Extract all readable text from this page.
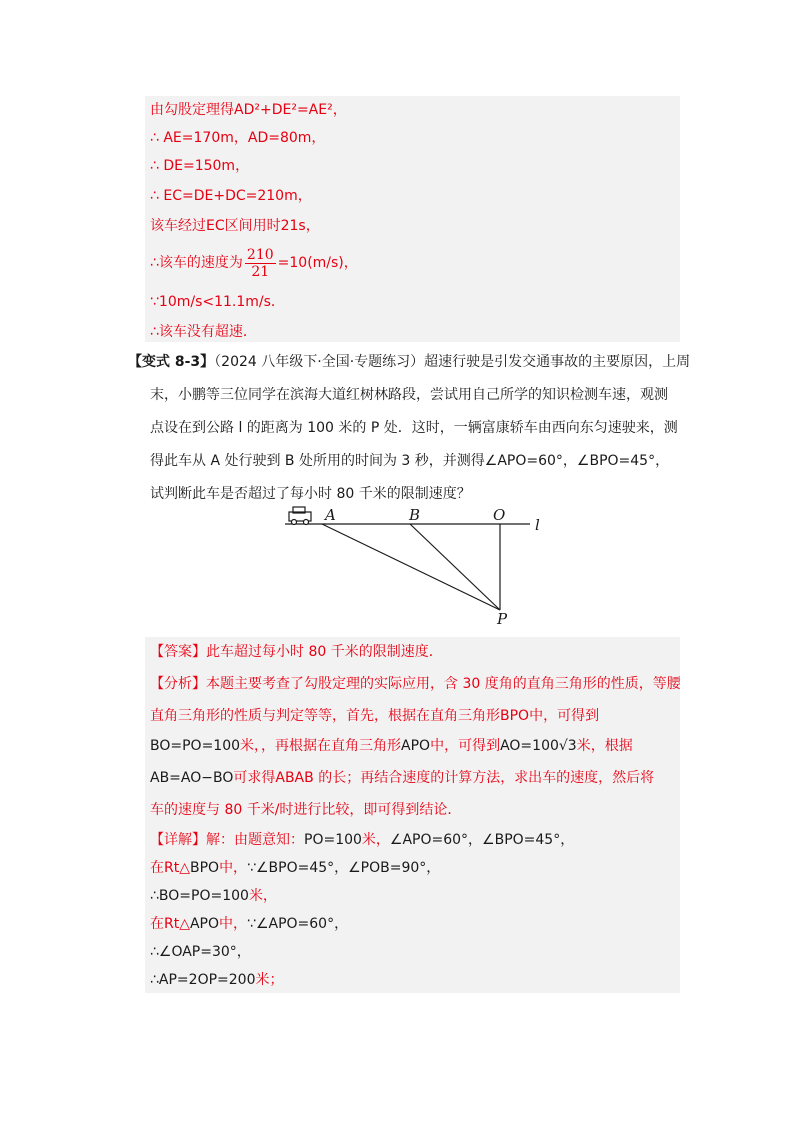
由勾股定理得AD²+DE²=AE²，
∴ AE=170m，AD=80m，
∴ DE=150m，
∴ EC=DE+DC=210m，
该车经过EC区间用时21s，
∴该车的速度为 $\frac{210}{21} =10(m/s)$，
∵10m/s<11.1m/s．
∴该车没有超速．
【变式 8-3】（2024 八年级下·全国·专题练习）超速行驶是引发交通事故的主要原因，上周
末，小鹏等三位同学在滨海大道红树林路段，尝试用自己所学的知识检测车速，观测
点设在到公路 l 的距离为 100 米的 P 处．这时，一辆富康轿车由西向东匀速驶来，测
得此车从 A 处行驶到 B 处所用的时间为 3 秒，并测得∠APO=60°，∠BPO=45°，
试判断此车是否超过了每小时 80 千米的限制速度？
A	B	O
l
P
【答案】此车超过每小时 80 千米的限制速度．
【分析】本题主要考查了勾股定理的实际应用，含 30 度角的直角三角形的性质，等腰
直角三角形的性质与判定等等，首先，根据在直角三角形BPO中，可得到
BO=PO=100米，，再根据在直角三角形APO中，可得到AO=100√3米，根据
AB=AO−BO可求得ABAB 的长；再结合速度的计算方法，求出车的速度，然后将
车的速度与 80 千米/时进行比较，即可得到结论．
【详解】解：由题意知：PO=100米，∠APO=60°，∠BPO=45°，
在Rt△BPO中，∵∠BPO=45°，∠POB=90°，
∴BO=PO=100米，
在Rt△APO中，∵∠APO=60°，
∴∠OAP=30°，
∴AP=2OP=200米；
